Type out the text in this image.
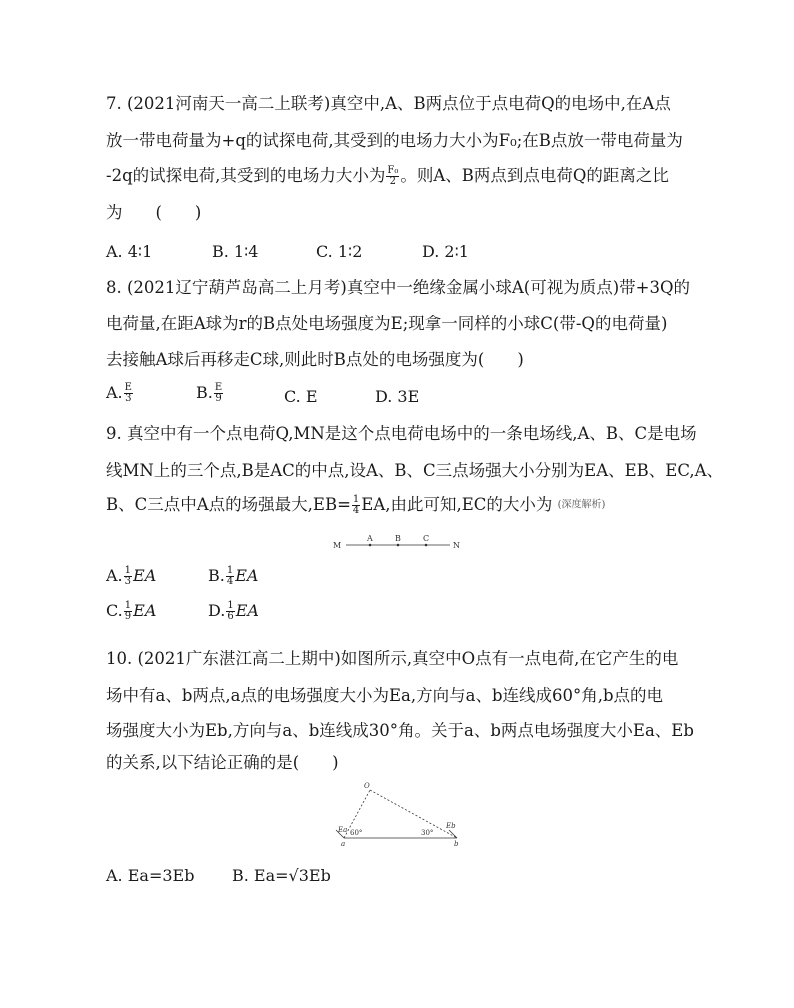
7. (2021河南天一高二上联考)真空中,A、B两点位于点电荷Q的电场中,在A点
放一带电荷量为+q的试探电荷,其受到的电场力大小为F₀;在B点放一带电荷量为
-2q的试探电荷,其受到的电场力大小为 $\frac{\text{F₀}}{2}$ 。则A、B两点到点电荷Q的距离之比
为　　(　　)
A. 4∶1	B. 1∶4	C. 1∶2	D. 2∶1
8. (2021辽宁葫芦岛高二上月考)真空中一绝缘金属小球A(可视为质点)带+3Q的
电荷量,在距A球为r的B点处电场强度为E;现拿一同样的小球C(带-Q的电荷量)
去接触A球后再移走C球,则此时B点处的电场强度为(　　)
A. $\frac{E}{3}$	B. $\frac{E}{9}$	C. E	D. 3E
9. 真空中有一个点电荷Q,MN是这个点电荷电场中的一条电场线,A、B、C是电场
线MN上的三个点,B是AC的中点,设A、B、C三点场强大小分别为EA、EB、EC,A、
B、C三点中A点的场强最大$,EB= \frac{1}{4}$ EA,由此可知,EC的大小为 (深度解析)
M
A	B	C
N
A. $\frac{1}{3}$ EA	B. $\frac{1}{4}$ EA
C. $\frac{1}{9}$ EA	D. $\frac{1}{6}$ EA
10. (2021广东湛江高二上期中)如图所示,真空中O点有一点电荷,在它产生的电
场中有a、b两点,a点的电场强度大小为Ea,方向与a、b连线成60°角,b点的电
场强度大小为Eb,方向与a、b连线成30°角。关于a、b两点电场强度大小Ea、Eb
的关系,以下结论正确的是(　　)
O
Ea	Eb
60°	30°
a	b
A. Ea=3Eb B. Ea=√3Eb
